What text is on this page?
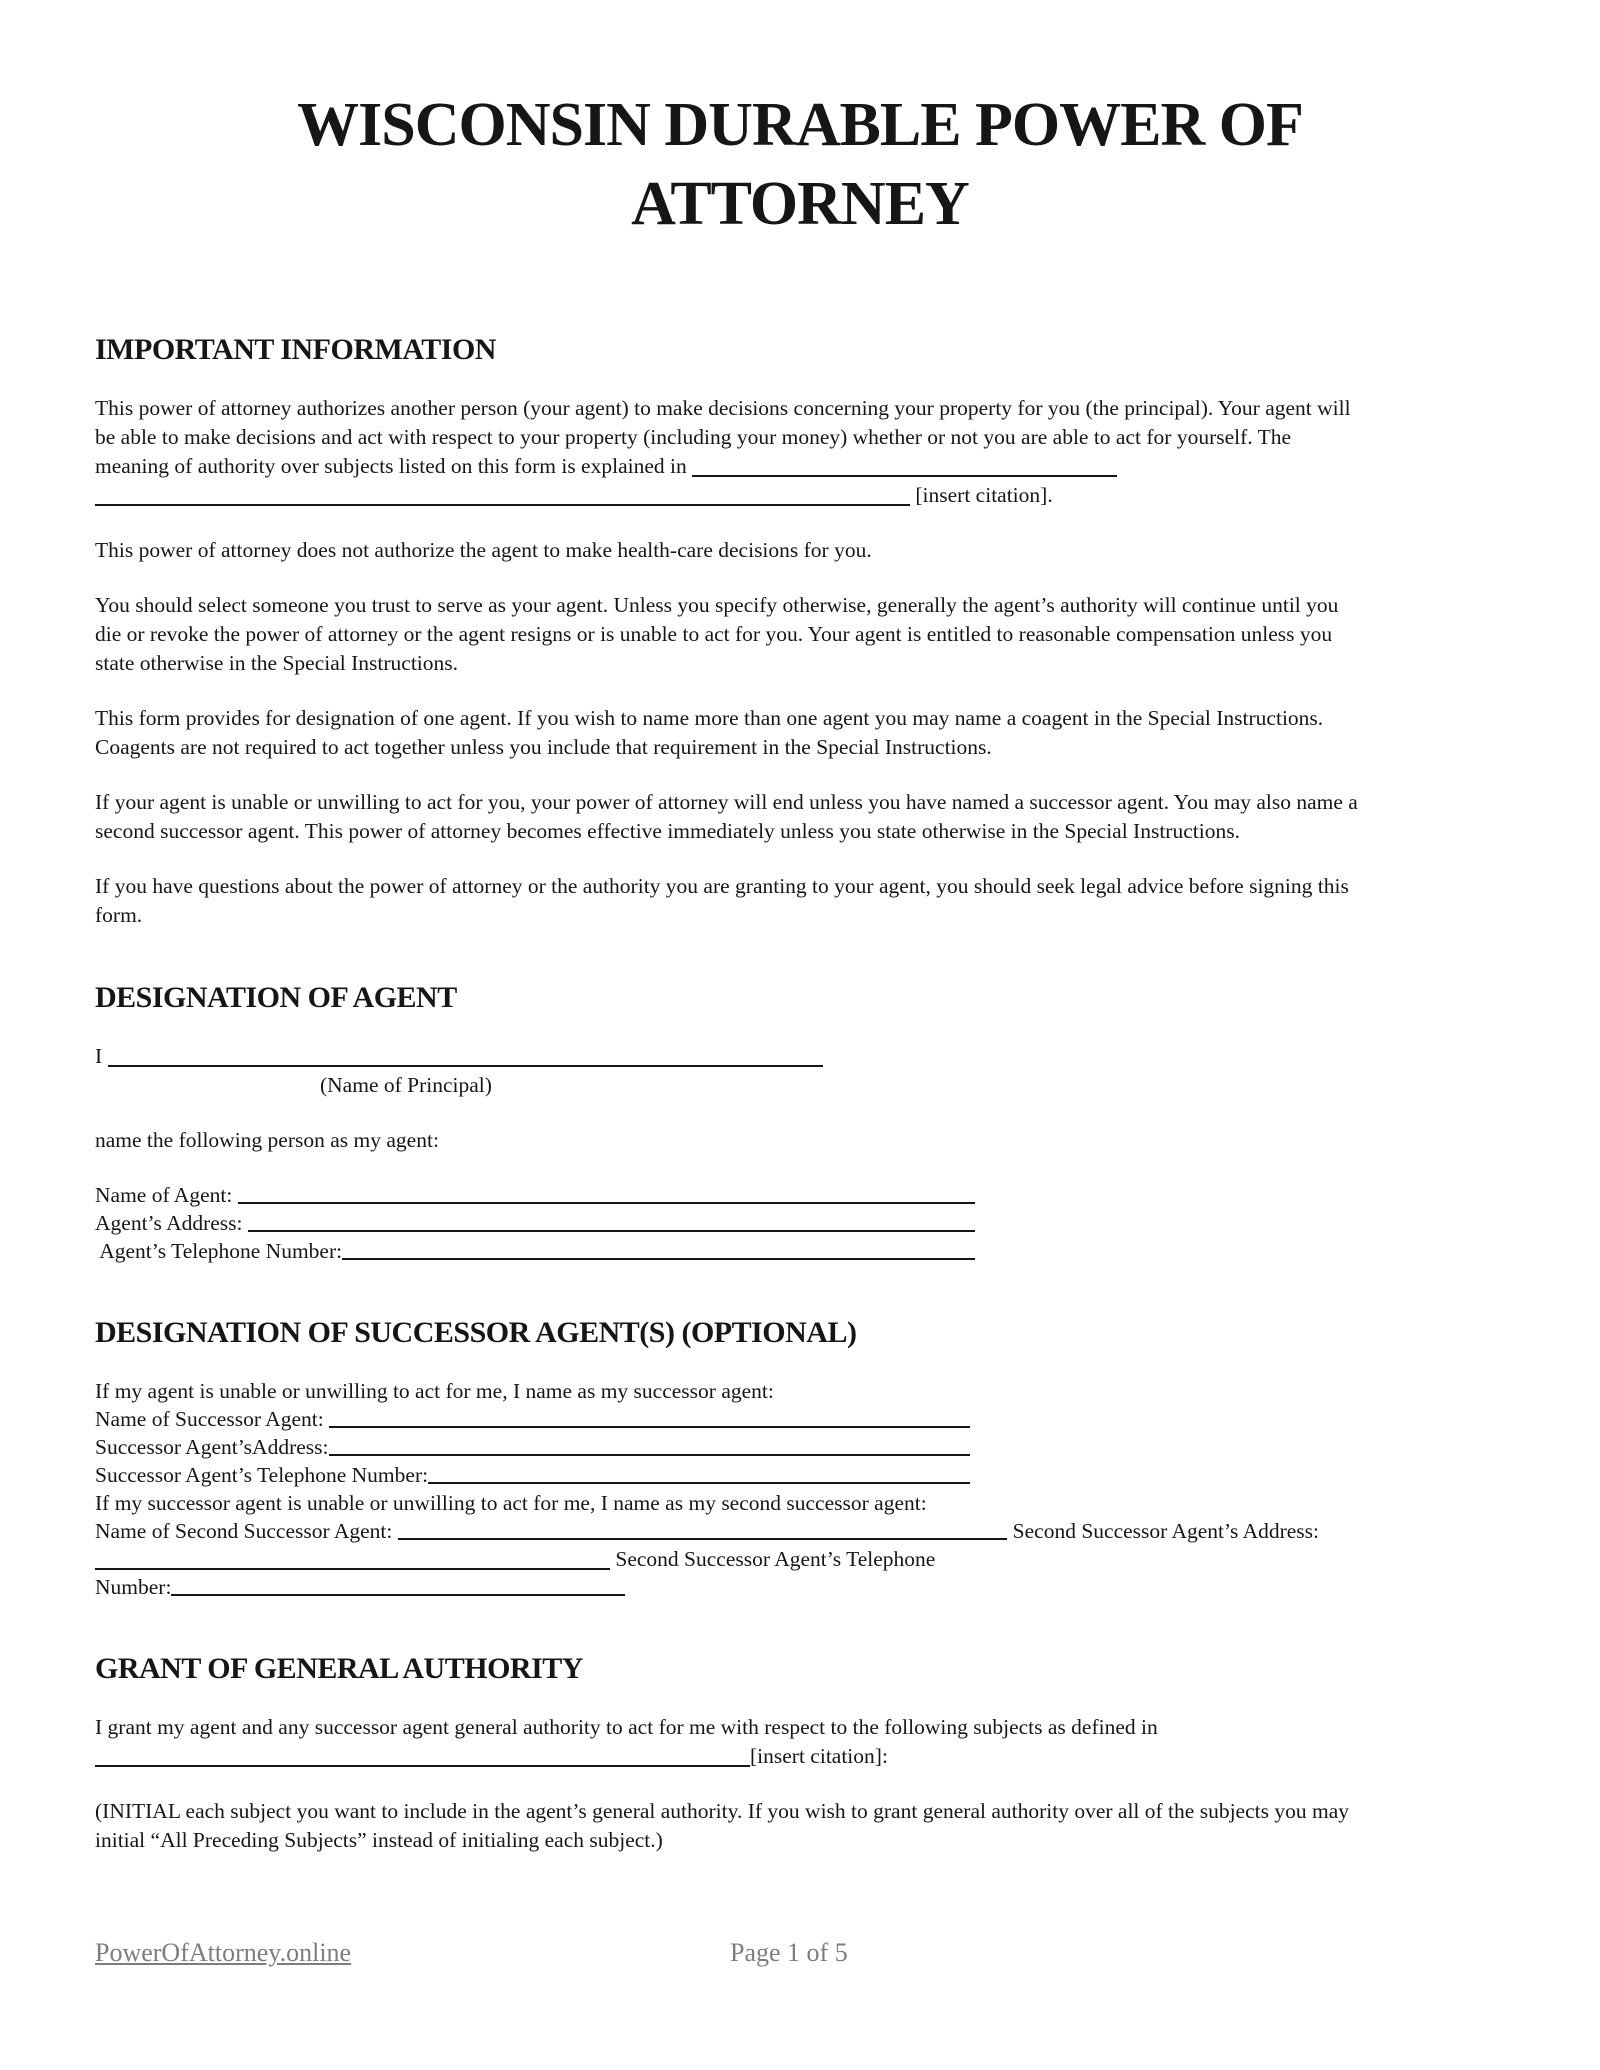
WISCONSIN DURABLE POWER OF
ATTORNEY
IMPORTANT INFORMATION
This power of attorney authorizes another person (your agent) to make decisions concerning your property for you (the principal). Your agent will
be able to make decisions and act with respect to your property (including your money) whether or not you are able to act for yourself. The
meaning of authority over subjects listed on this form is explained in
[insert citation].
This power of attorney does not authorize the agent to make health-care decisions for you.
You should select someone you trust to serve as your agent. Unless you specify otherwise, generally the agent’s authority will continue until you
die or revoke the power of attorney or the agent resigns or is unable to act for you. Your agent is entitled to reasonable compensation unless you
state otherwise in the Special Instructions.
This form provides for designation of one agent. If you wish to name more than one agent you may name a coagent in the Special Instructions.
Coagents are not required to act together unless you include that requirement in the Special Instructions.
If your agent is unable or unwilling to act for you, your power of attorney will end unless you have named a successor agent. You may also name a
second successor agent. This power of attorney becomes effective immediately unless you state otherwise in the Special Instructions.
If you have questions about the power of attorney or the authority you are granting to your agent, you should seek legal advice before signing this
form.
DESIGNATION OF AGENT
I
(Name of Principal)
name the following person as my agent:
Name of Agent:
Agent’s Address:
Agent’s Telephone Number:
DESIGNATION OF SUCCESSOR AGENT(S) (OPTIONAL)
If my agent is unable or unwilling to act for me, I name as my successor agent:
Name of Successor Agent:
Successor Agent’sAddress:
Successor Agent’s Telephone Number:
If my successor agent is unable or unwilling to act for me, I name as my second successor agent:
Name of Second Successor Agent:	Second Successor Agent’s Address:
Second Successor Agent’s Telephone
Number:
GRANT OF GENERAL AUTHORITY
I grant my agent and any successor agent general authority to act for me with respect to the following subjects as defined in
[insert citation]:
(INITIAL each subject you want to include in the agent’s general authority. If you wish to grant general authority over all of the subjects you may
initial “All Preceding Subjects” instead of initialing each subject.)
PowerOfAttorney.online	Page 1 of 5
